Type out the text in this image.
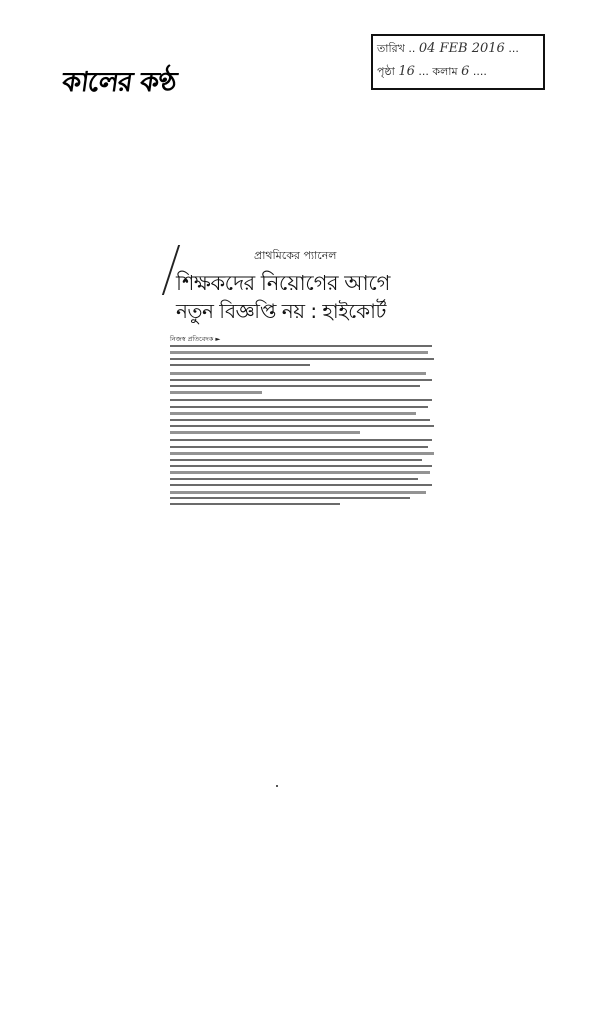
কালের কণ্ঠ
তারিখ .. 04 FEB 2016 ...
পৃষ্ঠা 16 ... কলাম 6 ....
প্রাথমিকের প্যানেল
শিক্ষকদের নিয়োগের আগে
নতুন বিজ্ঞপ্তি নয় : হাইকোর্ট
নিজস্ব প্রতিবেদক ►
